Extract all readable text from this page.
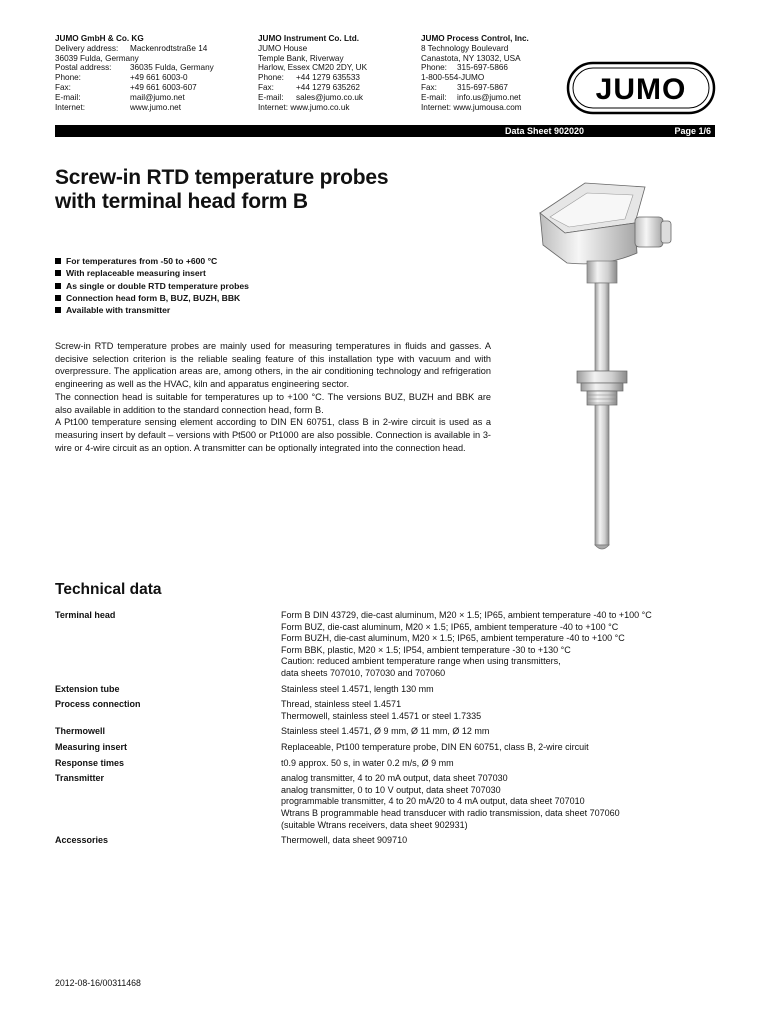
JUMO GmbH & Co. KG
Delivery address:	Mackenrodtstraße 14
36039 Fulda, Germany
Postal address:	36035 Fulda, Germany
Phone:	+49 661 6003-0
Fax:	+49 661 6003-607
E-mail:	mail@jumo.net
Internet:	www.jumo.net
JUMO Instrument Co. Ltd.
JUMO House
Temple Bank, Riverway
Harlow, Essex CM20 2DY, UK
Phone:	+44 1279 635533
Fax:	+44 1279 635262
E-mail:	sales@jumo.co.uk
Internet: www.jumo.co.uk
JUMO Process Control, Inc.
8 Technology Boulevard
Canastota, NY 13032, USA
Phone:	315-697-5866
1-800-554-JUMO
Fax:	315-697-5867
E-mail:	info.us@jumo.net
Internet: www.jumousa.com
JUMO
Data Sheet 902020	Page 1/6
Screw-in RTD temperature probes
with terminal head form B
For temperatures from -50 to +600 °C
With replaceable measuring insert
As single or double RTD temperature probes
Connection head form B, BUZ, BUZH, BBK
Available with transmitter

Screw-in RTD temperature probes are mainly used for measuring temperatures in fluids and gasses. A decisive selection criterion is the reliable sealing feature of this installation type with vacuum and with overpressure. The application areas are, among others, in the air conditioning technology and refrigeration engineering as well as the HVAC, kiln and apparatus engineering sector.

The connection head is suitable for temperatures up to +100 °C. The versions BUZ, BUZH and BBK are also available in addition to the standard connection head, form B.

A Pt100 temperature sensing element according to DIN EN 60751, class B in 2-wire circuit is used as a measuring insert by default – versions with Pt500 or Pt1000 are also possible. Connection is available in 3-wire or 4-wire circuit as an option. A transmitter can be optionally integrated into the connection head.

Technical data
Terminal head	Form B DIN 43729, die-cast aluminum, M20 × 1.5; IP65, ambient temperature -40 to +100 °C
Form BUZ, die-cast aluminum, M20 × 1.5; IP65, ambient temperature -40 to +100 °C
Form BUZH, die-cast aluminum, M20 × 1.5; IP65, ambient temperature -40 to +100 °C
Form BBK, plastic, M20 × 1.5; IP54, ambient temperature -30 to +130 °C
Caution: reduced ambient temperature range when using transmitters,
data sheets 707010, 707030 and 707060
Extension tube	Stainless steel 1.4571, length 130 mm
Process connection	Thread, stainless steel 1.4571
Thermowell, stainless steel 1.4571 or steel 1.7335
Thermowell	Stainless steel 1.4571, Ø 9 mm, Ø 11 mm, Ø 12 mm
Measuring insert	Replaceable, Pt100 temperature probe, DIN EN 60751, class B, 2-wire circuit
Response times	t0.9 approx. 50 s, in water 0.2 m/s, Ø 9 mm
Transmitter	analog transmitter, 4 to 20 mA output, data sheet 707030
analog transmitter, 0 to 10 V output, data sheet 707030
programmable transmitter, 4 to 20 mA/20 to 4 mA output, data sheet 707010
Wtrans B programmable head transducer with radio transmission, data sheet 707060
(suitable Wtrans receivers, data sheet 902931)
Accessories	Thermowell, data sheet 909710
2012-08-16/00311468
